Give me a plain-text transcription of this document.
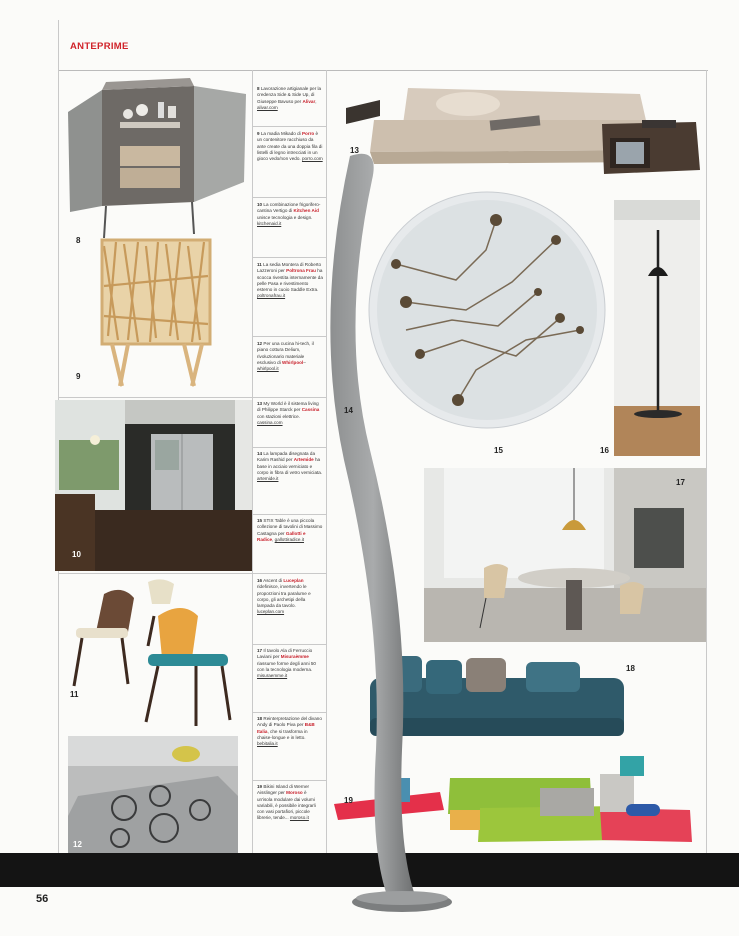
ANTEPRIME
8
9
10
11
12
13
15	16
17
18
19
14
8 Lavorazione artigianale per la credenza Side & Side Up, di Giuseppe Bavuso per Alivar, alivar.com
9 La madia Mikado di Porro è un contenitore racchiuso da ante create da una doppia fila di listelli di legno intrecciati in un gioco vedo/non vedo. porro.com
10 La combinazione frigorifero-cantina Vertigo di Kitchen Aid unisce tecnologia e design. kitchenaid.it
11 La sedia Montera di Roberto Lazzeroni per Poltrona Frau ha scocca rivestita internamente da pelle Pasa e rivestimento esterno in cuoio Saddle Extra. poltronafrau.it
12 Per una cucina hi-tech, il piano cottura Delium, rivoluzionario materiale esclusivo di Whirlpool–whirlpool.it
13 My World è il sistema living di Philippe Starck per Cassina con stazioni elettrice. cassina.com
14 La lampada disegnata da Karim Rashid per Artemide ha base in acciaio verniciato e corpo in fibra di vetro verniciata. artemide.it
15 STIX Table è una piccola collezione di tavolini di Massimo Castagna per Gallotti e Radice, gallottiradice.it
16 Ascent di Luceplan ridefinisce, invertendo le proporzioni tra paralume e corpo, gli archetipi della lampada da tavolo. luceplan.com
17 Il tavolo Ala di Ferruccio Laviani per Misuraèmme riassume forme degli anni 50 con la tecnologia moderna. misuraemme.it
18 Reinterpretazione del divano Andy di Paolo Piva per B&B Italia, che si trasforma in chaise-longue e in letto. bebitalia.it
19 Bikini Island di Werner Aisslinger per Moroso è un'isola modulare dai volumi variabili, è possibile integrarli con vasi portafiori, piccole librerie, tende... moroso.it
56
